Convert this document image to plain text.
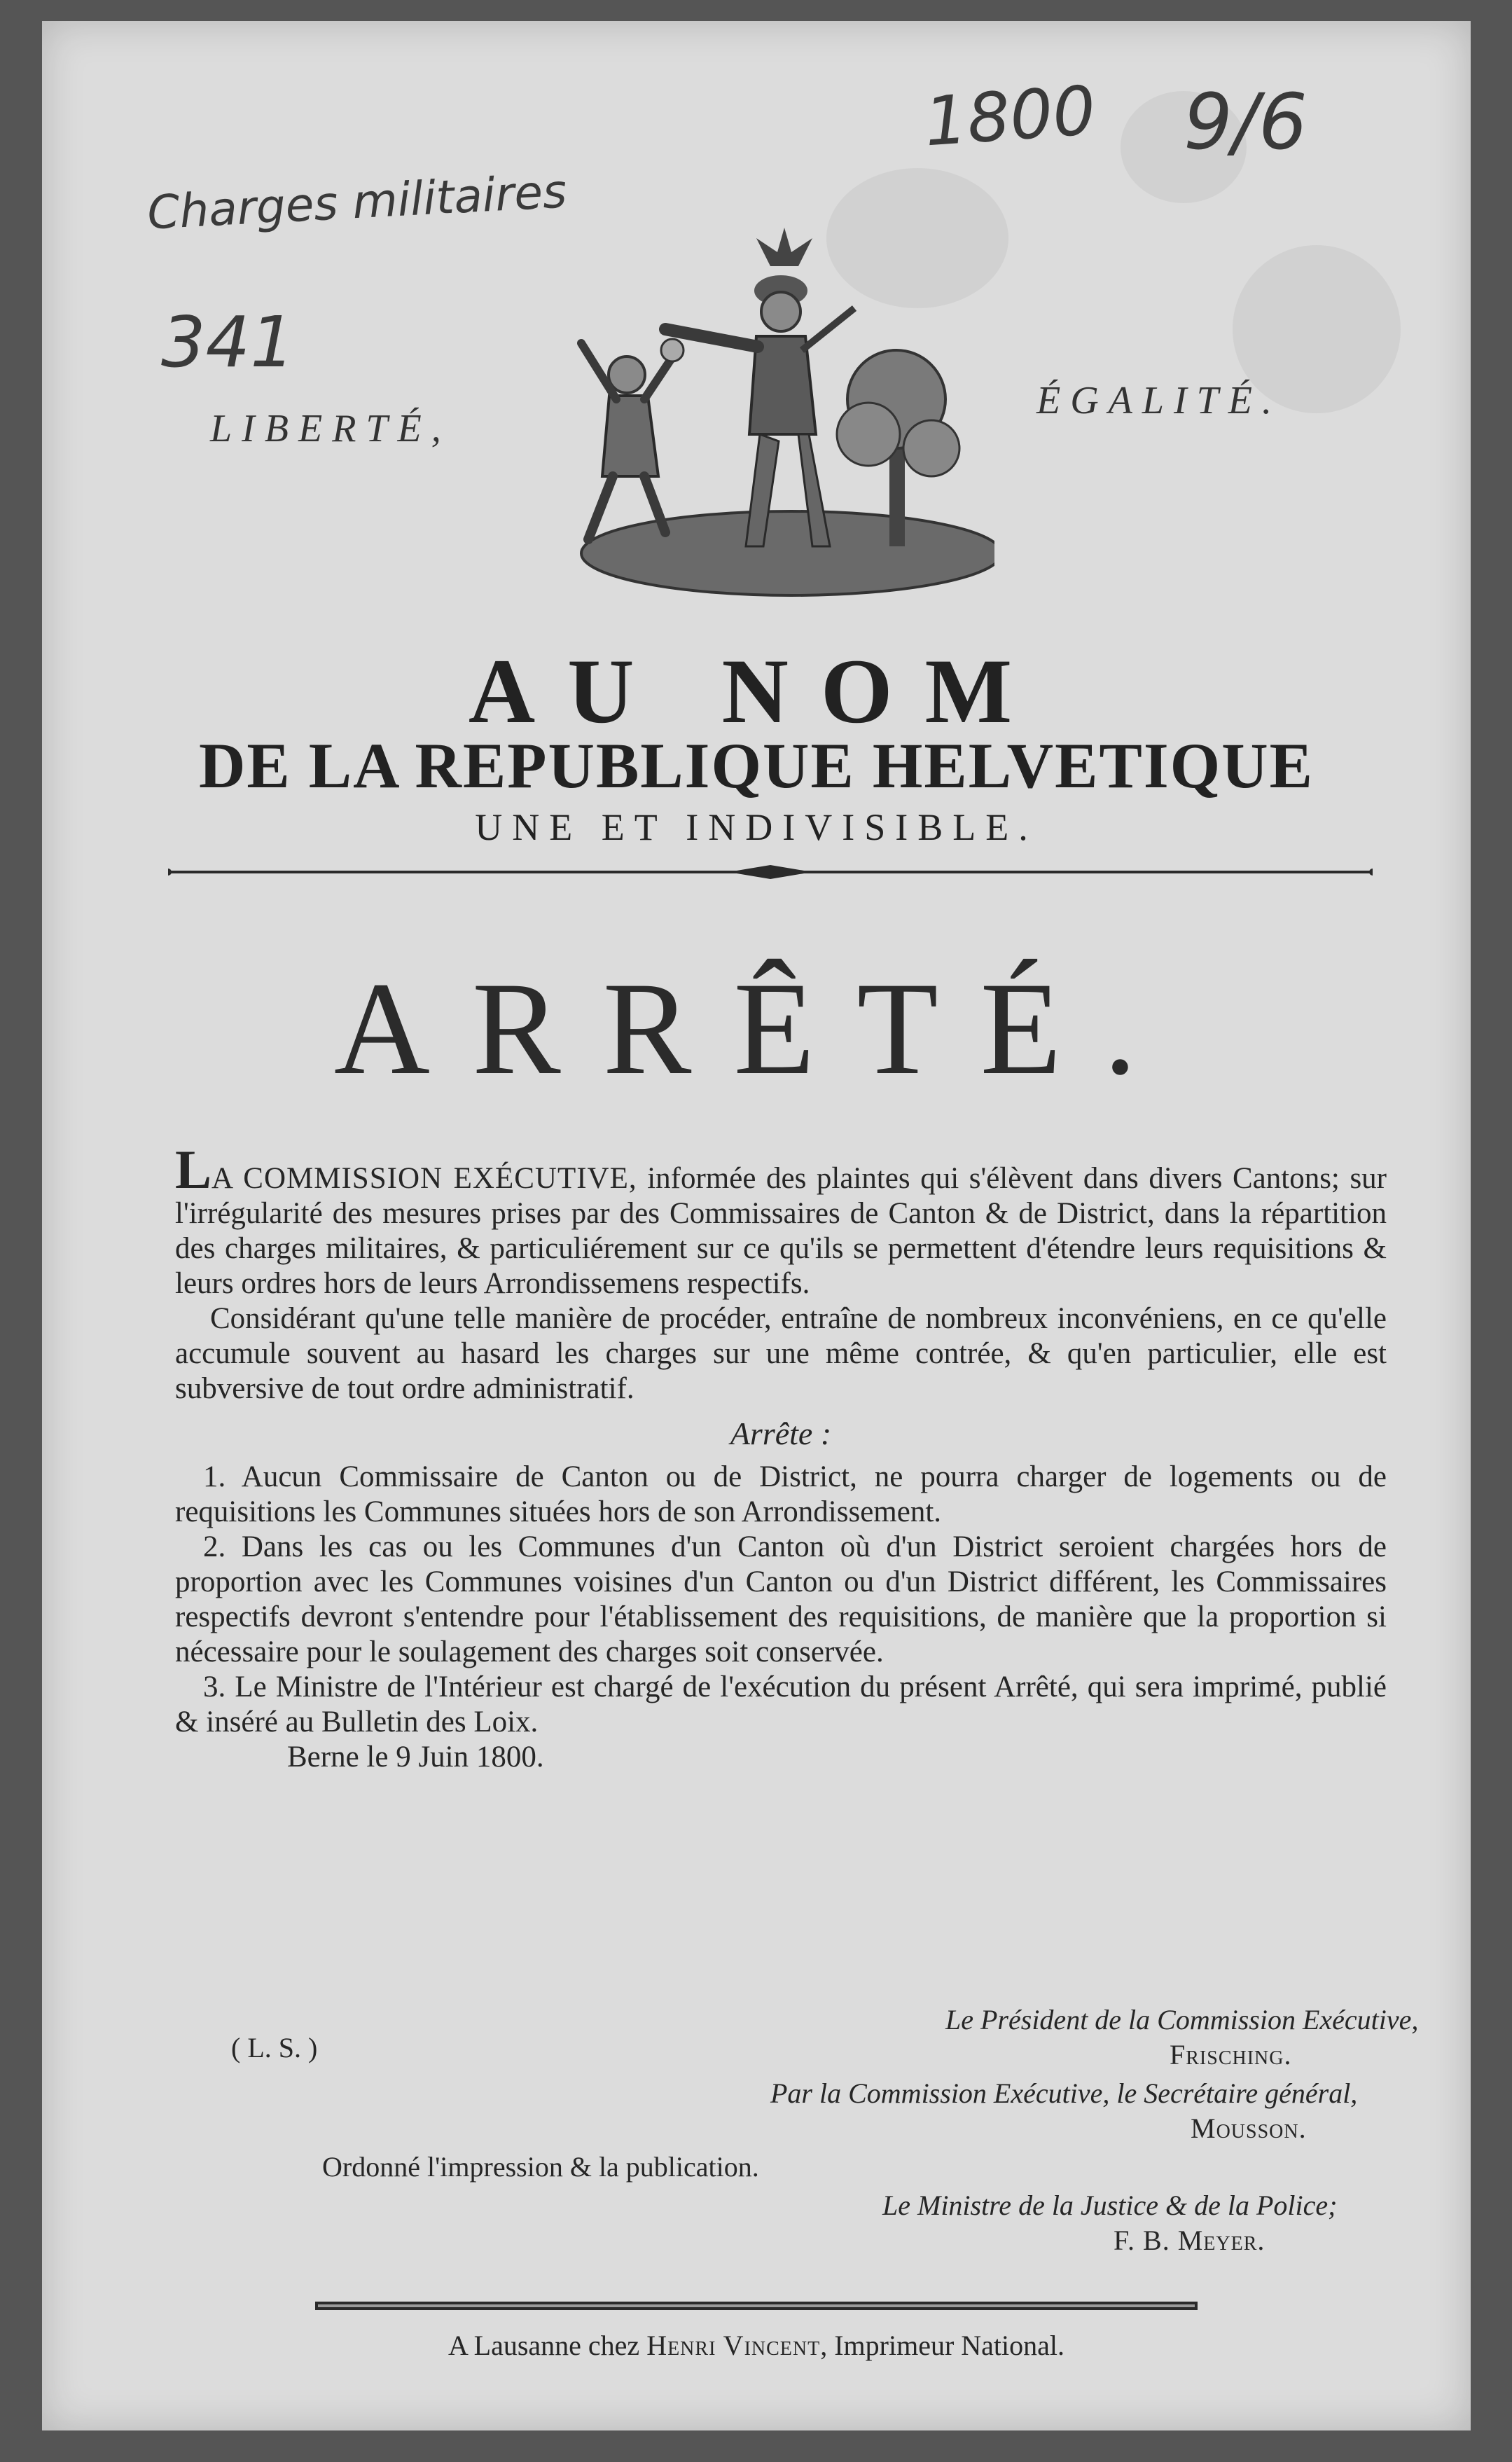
1800 9/6
Charges militaires
341
LIBERTÉ,
ÉGALITÉ.
AU NOM
DE LA REPUBLIQUE HELVETIQUE
UNE ET INDIVISIBLE.
ARRÊTÉ.

LA COMMISSION EXÉCUTIVE, informée des plaintes qui s'élèvent dans divers Cantons; sur l'irrégularité des mesures prises par des Commissaires de Canton & de District, dans la répartition des charges militaires, & particuliérement sur ce qu'ils se permettent d'étendre leurs requisitions & leurs ordres hors de leurs Arrondissemens respectifs.

Considérant qu'une telle manière de procéder, entraîne de nombreux inconvéniens, en ce qu'elle accumule souvent au hasard les charges sur une même contrée, & qu'en particulier, elle est subversive de tout ordre administratif.

Arrête :

1. Aucun Commissaire de Canton ou de District, ne pourra charger de logements ou de requisitions les Communes situées hors de son Arrondissement.

2. Dans les cas ou les Communes d'un Canton où d'un District seroient chargées hors de proportion avec les Communes voisines d'un Canton ou d'un District différent, les Commissaires respectifs devront s'entendre pour l'établissement des requisitions, de manière que la proportion si nécessaire pour le soulagement des charges soit conservée.

3. Le Ministre de l'Intérieur est chargé de l'exécution du présent Arrêté, qui sera imprimé, publié & inséré au Bulletin des Loix.

Berne le 9 Juin 1800.

Le Président de la Commission Exécutive,
Frisching.
( L. S. )
Par la Commission Exécutive, le Secrétaire général,
Mousson.
Ordonné l'impression & la publication.
Le Ministre de la Justice & de la Police;
F. B. Meyer.
A Lausanne chez Henri Vincent, Imprimeur National.
